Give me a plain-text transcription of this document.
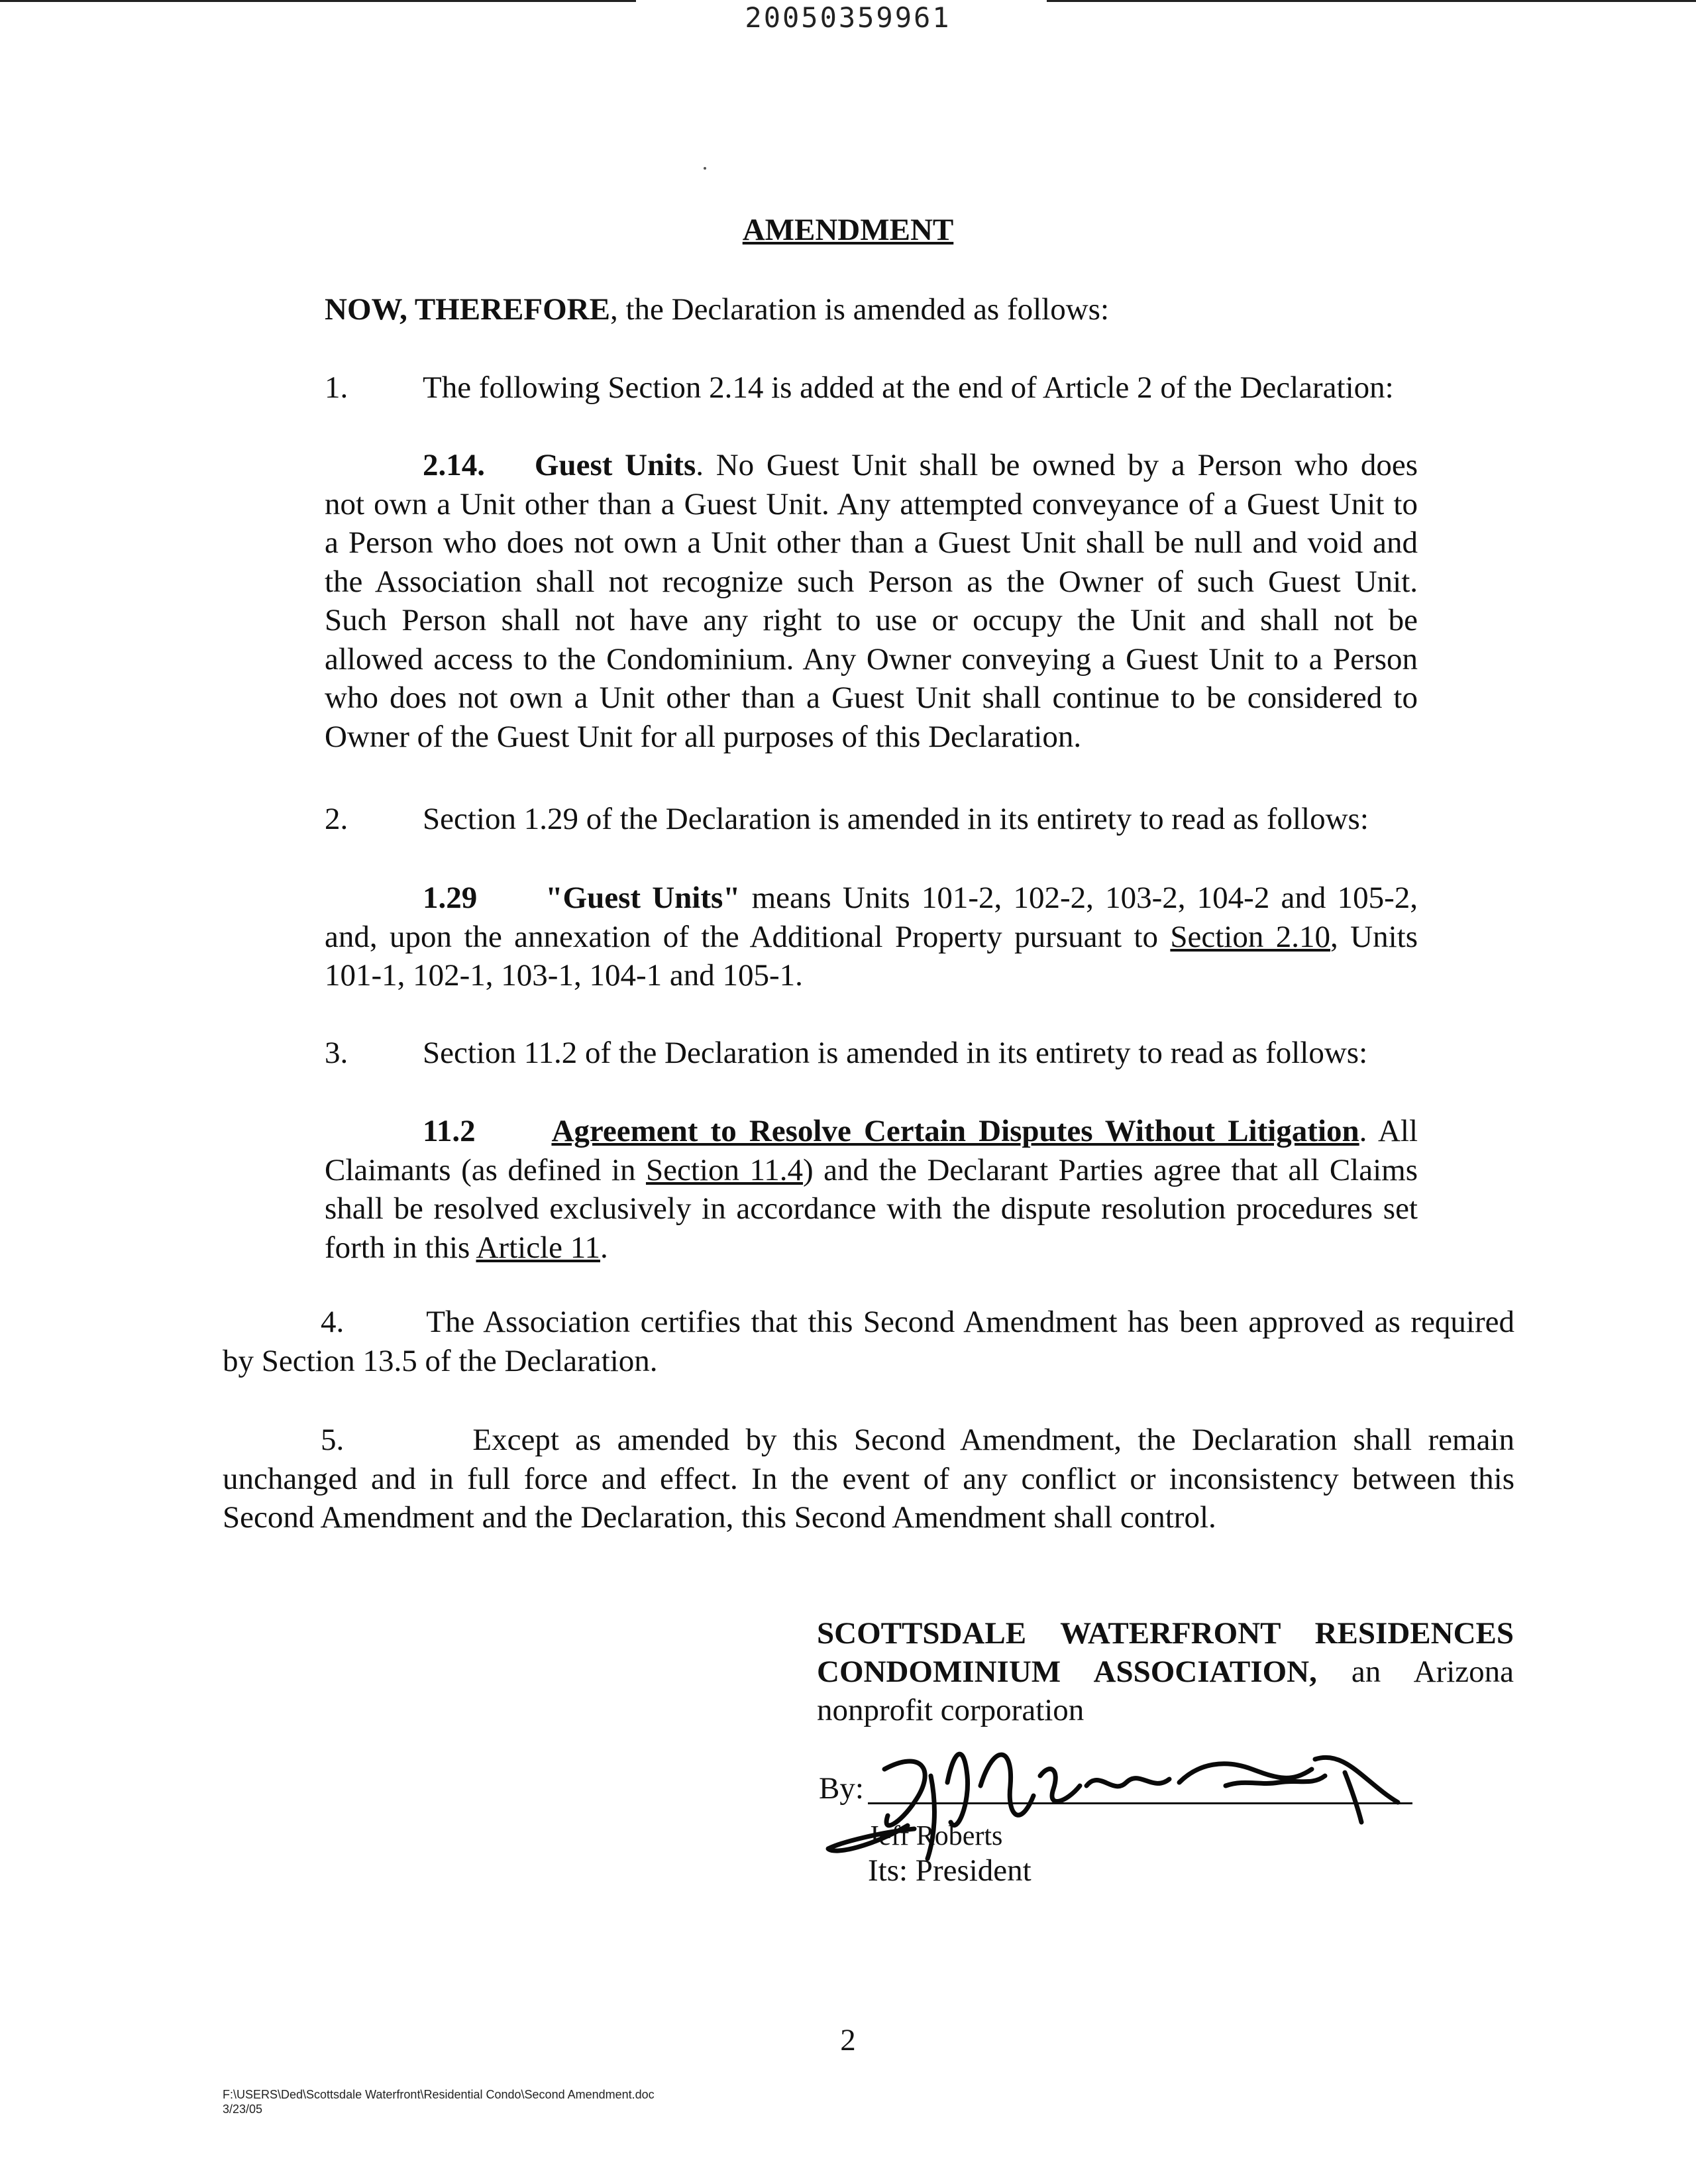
20050359961
AMENDMENT
NOW, THEREFORE, the Declaration is amended as follows:
1. The following Section 2.14 is added at the end of Article 2 of the Declaration:
2.14. Guest Units. No Guest Unit shall be owned by a Person who does
not own a Unit other than a Guest Unit. Any attempted conveyance of a Guest Unit to
a Person who does not own a Unit other than a Guest Unit shall be null and void and
the Association shall not recognize such Person as the Owner of such Guest Unit.
Such Person shall not have any right to use or occupy the Unit and shall not be
allowed access to the Condominium. Any Owner conveying a Guest Unit to a Person
who does not own a Unit other than a Guest Unit shall continue to be considered to
Owner of the Guest Unit for all purposes of this Declaration.
2. Section 1.29 of the Declaration is amended in its entirety to read as follows:
1.29 "Guest Units" means Units 101-2, 102-2, 103-2, 104-2 and 105-2,
and, upon the annexation of the Additional Property pursuant to Section 2.10, Units
101-1, 102-1, 103-1, 104-1 and 105-1.
3. Section 11.2 of the Declaration is amended in its entirety to read as follows:
11.2 Agreement to Resolve Certain Disputes Without Litigation. All
Claimants (as defined in Section 11.4) and the Declarant Parties agree that all Claims
shall be resolved exclusively in accordance with the dispute resolution procedures set
forth in this Article 11.
4.	The Association certifies that this Second Amendment has been approved as required
by Section 13.5 of the Declaration.
5.	Except as amended by this Second Amendment, the Declaration shall remain
unchanged and in full force and effect. In the event of any conflict or inconsistency between this
Second Amendment and the Declaration, this Second Amendment shall control.
SCOTTSDALE WATERFRONT RESIDENCES
CONDOMINIUM ASSOCIATION, an Arizona
nonprofit corporation
By:
Jeff Roberts
Its: President
2
F:\USERS\Ded\Scottsdale Waterfront\Residential Condo\Second Amendment.doc
3/23/05
